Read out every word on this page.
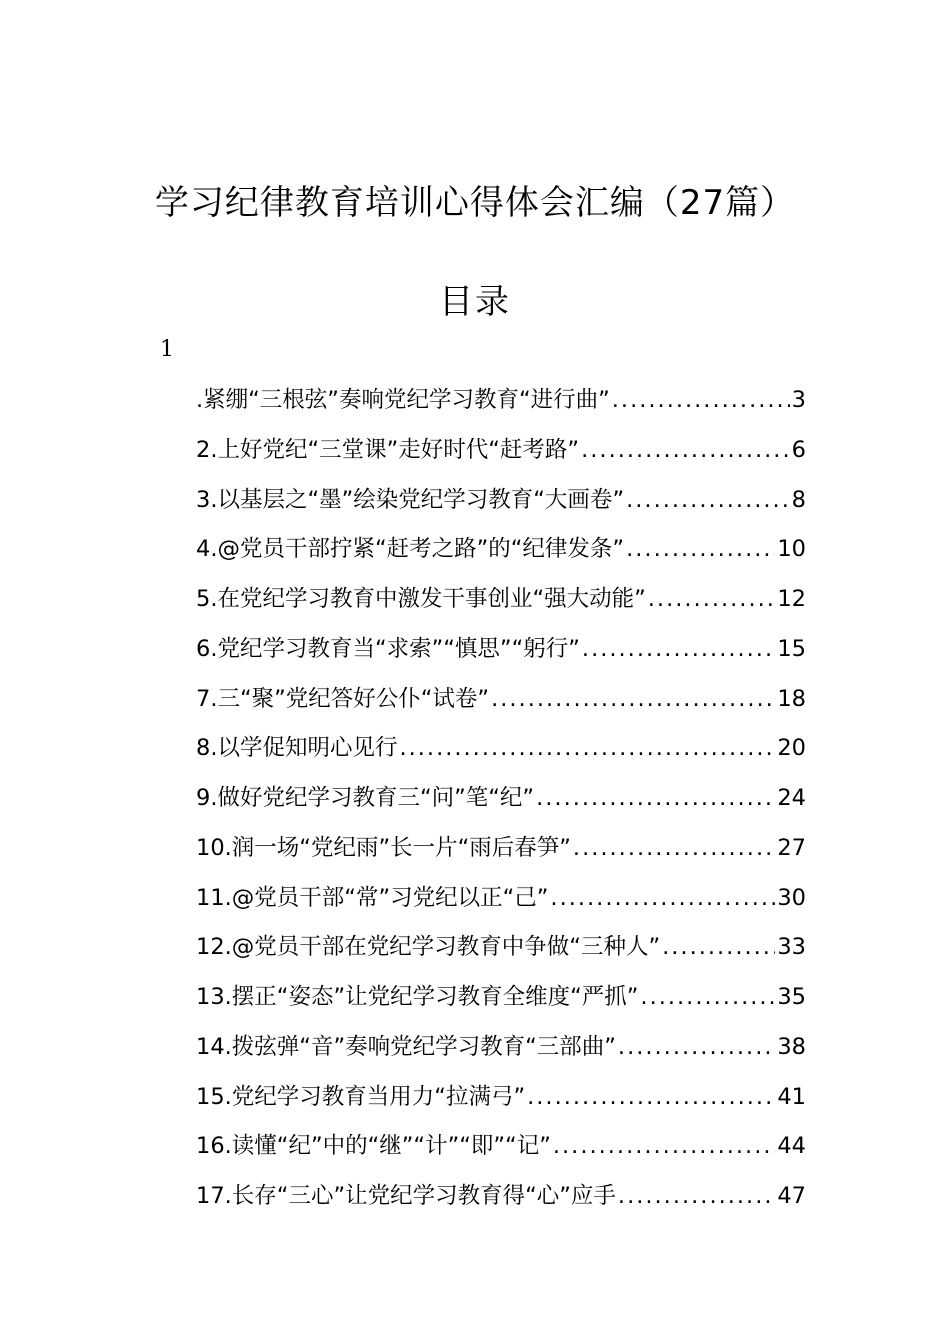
学习纪律教育培训心得体会汇编（27篇）
目录
1
.紧绷“三根弦”奏响党纪学习教育“进行曲” .....	3
2.上好党纪“三堂课”走好时代“赶考路” .....	6
3.以基层之“墨”绘染党纪学习教育“大画卷” .....	8
4.@党员干部拧紧“赶考之路”的“纪律发条” .....	10
5.在党纪学习教育中激发干事创业“强大动能” .....	12
6.党纪学习教育当“求索”“慎思”“躬行” .....	15
7.三“聚”党纪答好公仆“试卷” .....	18
8.以学促知明心见行 .....	20
9.做好党纪学习教育三“问”笔“纪” .....	24
10.润一场“党纪雨”长一片“雨后春笋” .....	27
11.@党员干部“常”习党纪以正“己” .....	30
12.@党员干部在党纪学习教育中争做“三种人” .....	33
13.摆正“姿态”让党纪学习教育全维度“严抓” .....	35
14.拨弦弹“音”奏响党纪学习教育“三部曲” .....	38
15.党纪学习教育当用力“拉满弓” .....	41
16.读懂“纪”中的“继”“计”“即”“记” .....	44
17.长存“三心”让党纪学习教育得“心”应手 .....	47
